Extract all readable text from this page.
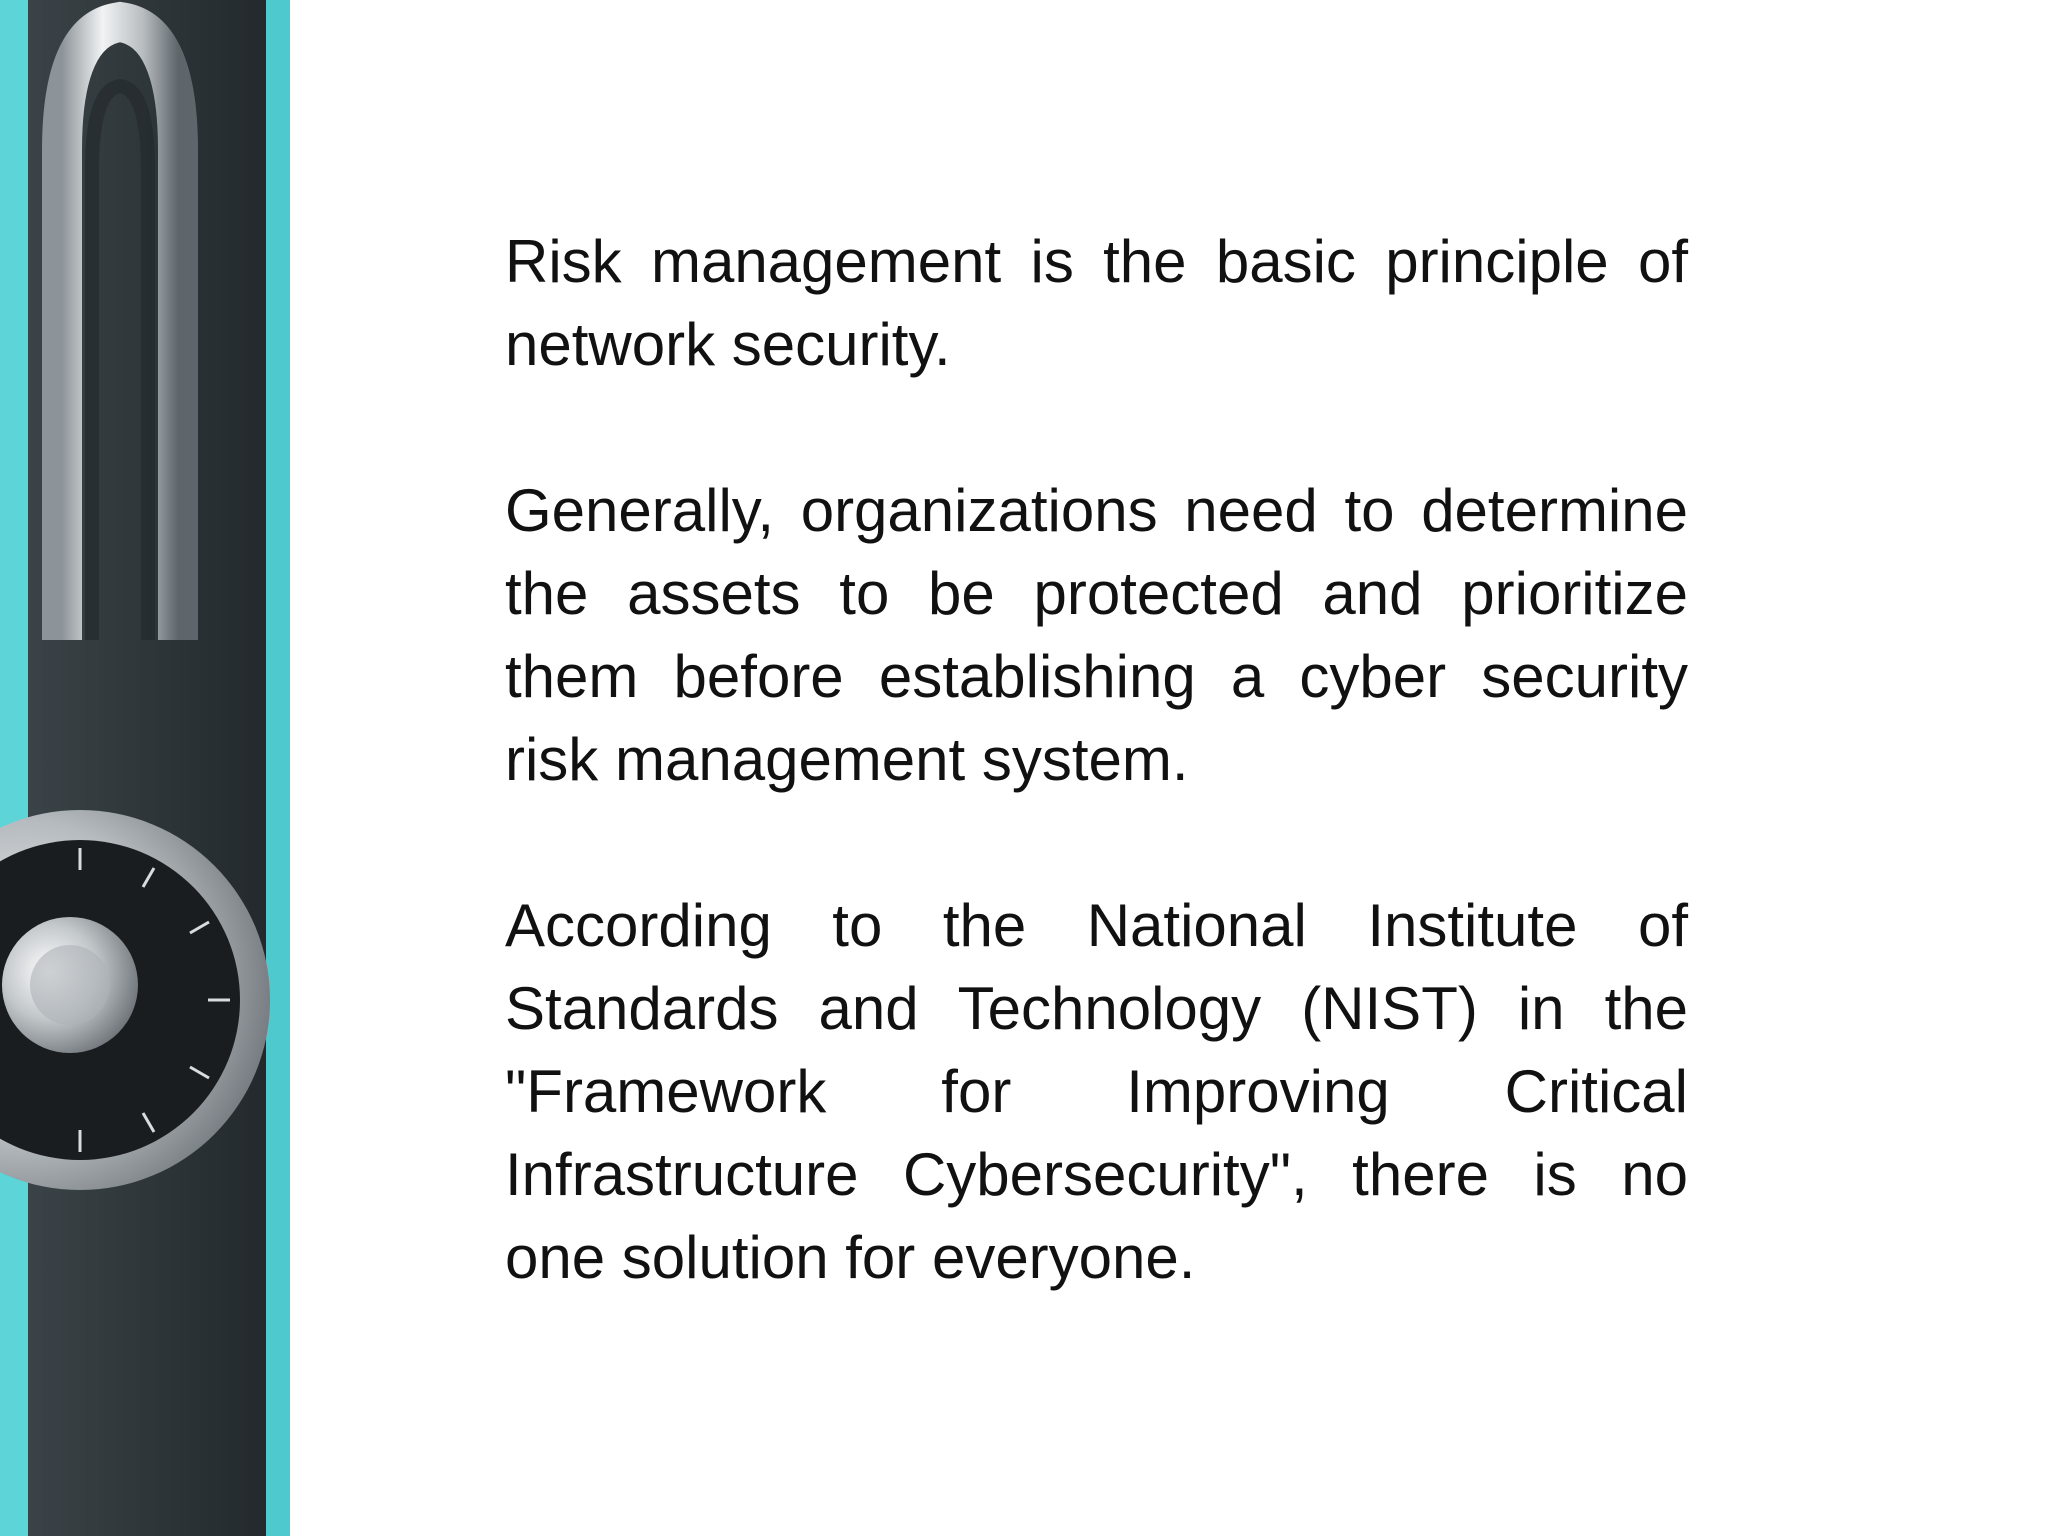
Risk management is the basic principle of network security.

Generally, organizations need to determine the assets to be protected and prioritize them before establishing a cyber security risk management system.

According to the National Institute of Standards and Technology (NIST) in the "Framework for Improving Critical Infrastructure Cybersecurity", there is no one solution for everyone.
